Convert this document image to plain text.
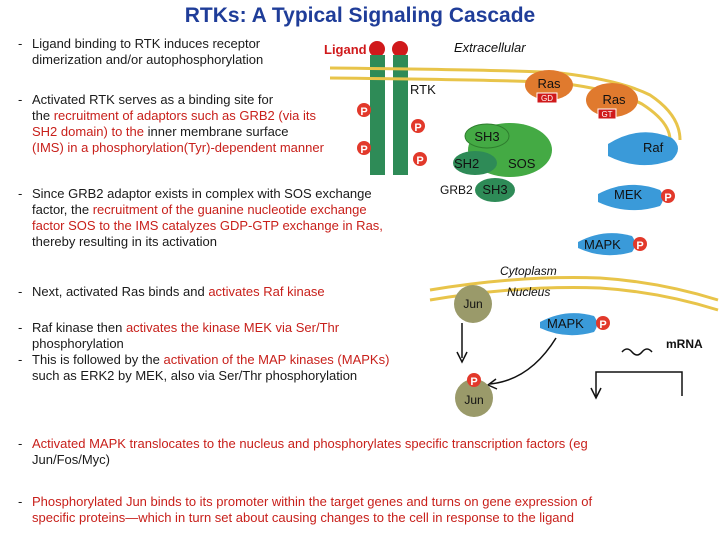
RTKs: A Typical Signaling Cascade
- Ligand binding to RTK induces receptor
dimerization and/or autophosphorylation
- Activated RTK serves as a binding site for
the recruitment of adaptors such as GRB2 (via its
SH2 domain) to the inner membrane surface
(IMS) in a phosphorylation(Tyr)-dependent manner
- Since GRB2 adaptor exists in complex with SOS exchange
factor, the recruitment of the guanine nucleotide exchange
factor SOS to the IMS catalyzes GDP-GTP exchange in Ras,
thereby resulting in its activation
- Next, activated Ras binds and activates Raf kinase
- Raf kinase then activates the kinase MEK via Ser/Thr
phosphorylation
- This is followed by the activation of the MAP kinases (MAPKs)
such as ERK2 by MEK, also via Ser/Thr phosphorylation
- Activated MAPK translocates to the nucleus and phosphorylates specific transcription factors (eg
Jun/Fos/Myc)
- Phosphorylated Jun binds to its promoter within the target genes and turns on gene expression of
specific proteins—which in turn set about causing changes to the cell in response to the ligand
Ligand	Extracellular
RTK
P
P
P
P
Ras
GD	Ras
GT
SOS
SH3
SH2
GRB2 SH3
Raf
MEK P
MAPK P
Cytoplasm
Nucleus
Jun
MAPK P
Jun
P
mRNA
